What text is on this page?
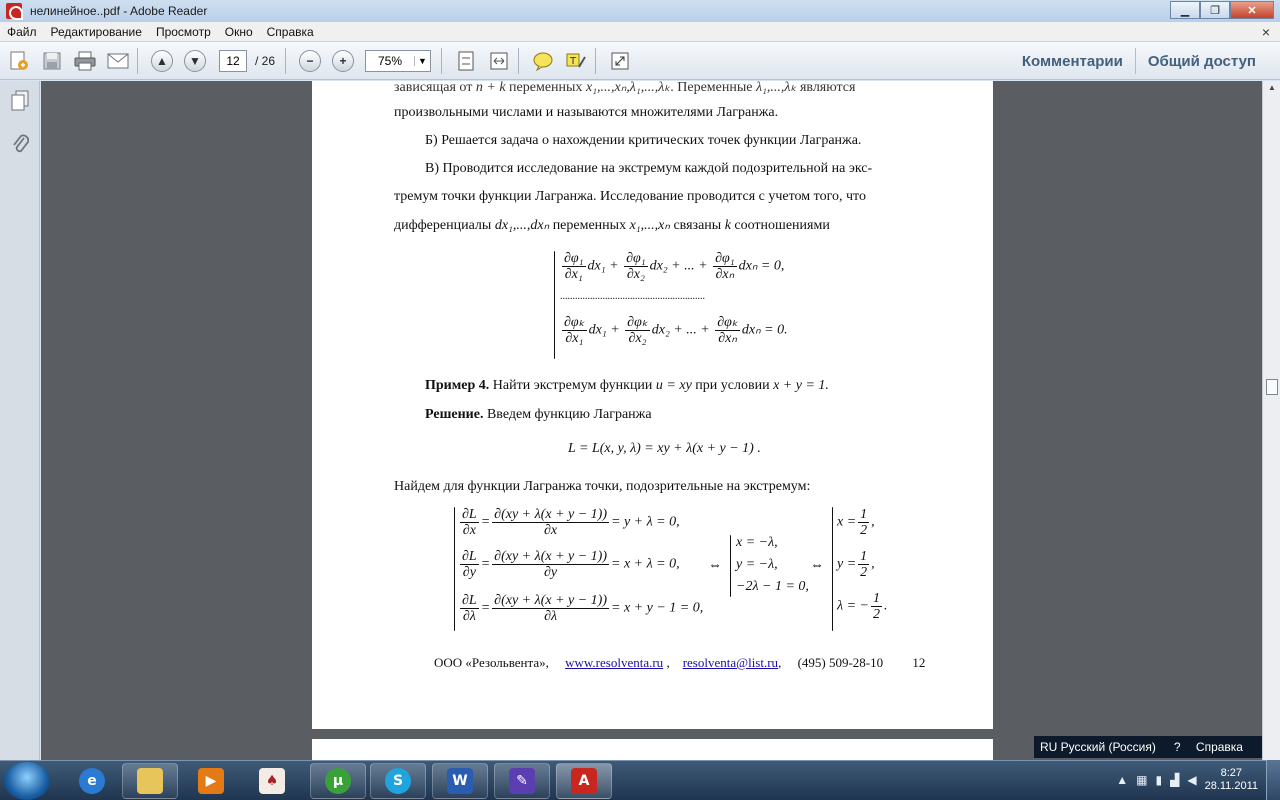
нелинейное..pdf - Adobe Reader	▁	❐	✕
Файл	Редактирование	Просмотр	Окно	Справка	×
▲	▼	12	/ 26	−	+	75%	▼	T	Комментарии	Общий доступ
зависящая от n + k переменных x₁,...,xₙ,λ₁,...,λₖ. Переменные λ₁,...,λₖ являются
произвольными числами и называются множителями Лагранжа.
Б) Решается задача о нахождении критических точек функции Лагранжа.
В) Проводится исследование на экстремум каждой подозрительной на экс-
тремум точки функции Лагранжа. Исследование проводится с учетом того, что
дифференциалы dx₁,...,dxₙ переменных x₁,...,xₙ связаны k соотношениями
$\frac{\text{∂φ₁}}{\text{∂x₁}} dx_1 + \frac{\text{∂φ₁}}{\text{∂x₂}} dx_2$ + ... + $\frac{\text{∂φ₁}}{\text{∂xₙ}}$ dxₙ = 0,
..........................................................
$\frac{\text{∂φₖ}}{\text{∂x₁}} dx_1 + \frac{\text{∂φₖ}}{\text{∂x₂}} dx_2$ + ... + $\frac{\text{∂φₖ}}{\text{∂xₙ}}$ dxₙ = 0.
Пример 4. Найти экстремум функции u = xy при условии x + y = 1.
Решение. Введем функцию Лагранжа
L = L(x, y, λ) = xy + λ(x + y − 1) .
Найдем для функции Лагранжа точки, подозрительные на экстремум:
$\frac{\partial L}{\partial x} = \frac{\partial(xy + \lambda(x + y - 1))}{\partial x} = y + \lambda = 0$,
$\frac{\partial L}{\partial y} = \frac{\partial(xy + \lambda(x + y - 1))}{\partial y} = x + \lambda = 0$,
$\frac{\partial L}{\partial\lambda} = \frac{\partial(xy + \lambda(x + y - 1))}{\partial\lambda} = x + y - 1 = 0$,
⇔
x = −λ,
y = −λ,
−2λ − 1 = 0,
⇔
$x = \frac{1}{2}$ ,
$y = \frac{1}{2}$ ,
λ = − $\frac{1}{2}$ .
ООО «Резольвента», www.resolventa.ru ,    resolventa@list.ru,     (495) 509-28-10 12
▲
RU Русский (Россия)	? Справка
e	▶	♠	µ	S	W	✎	A	▲ ▦ ▮ ▟ ◀	8:27
28.11.2011
